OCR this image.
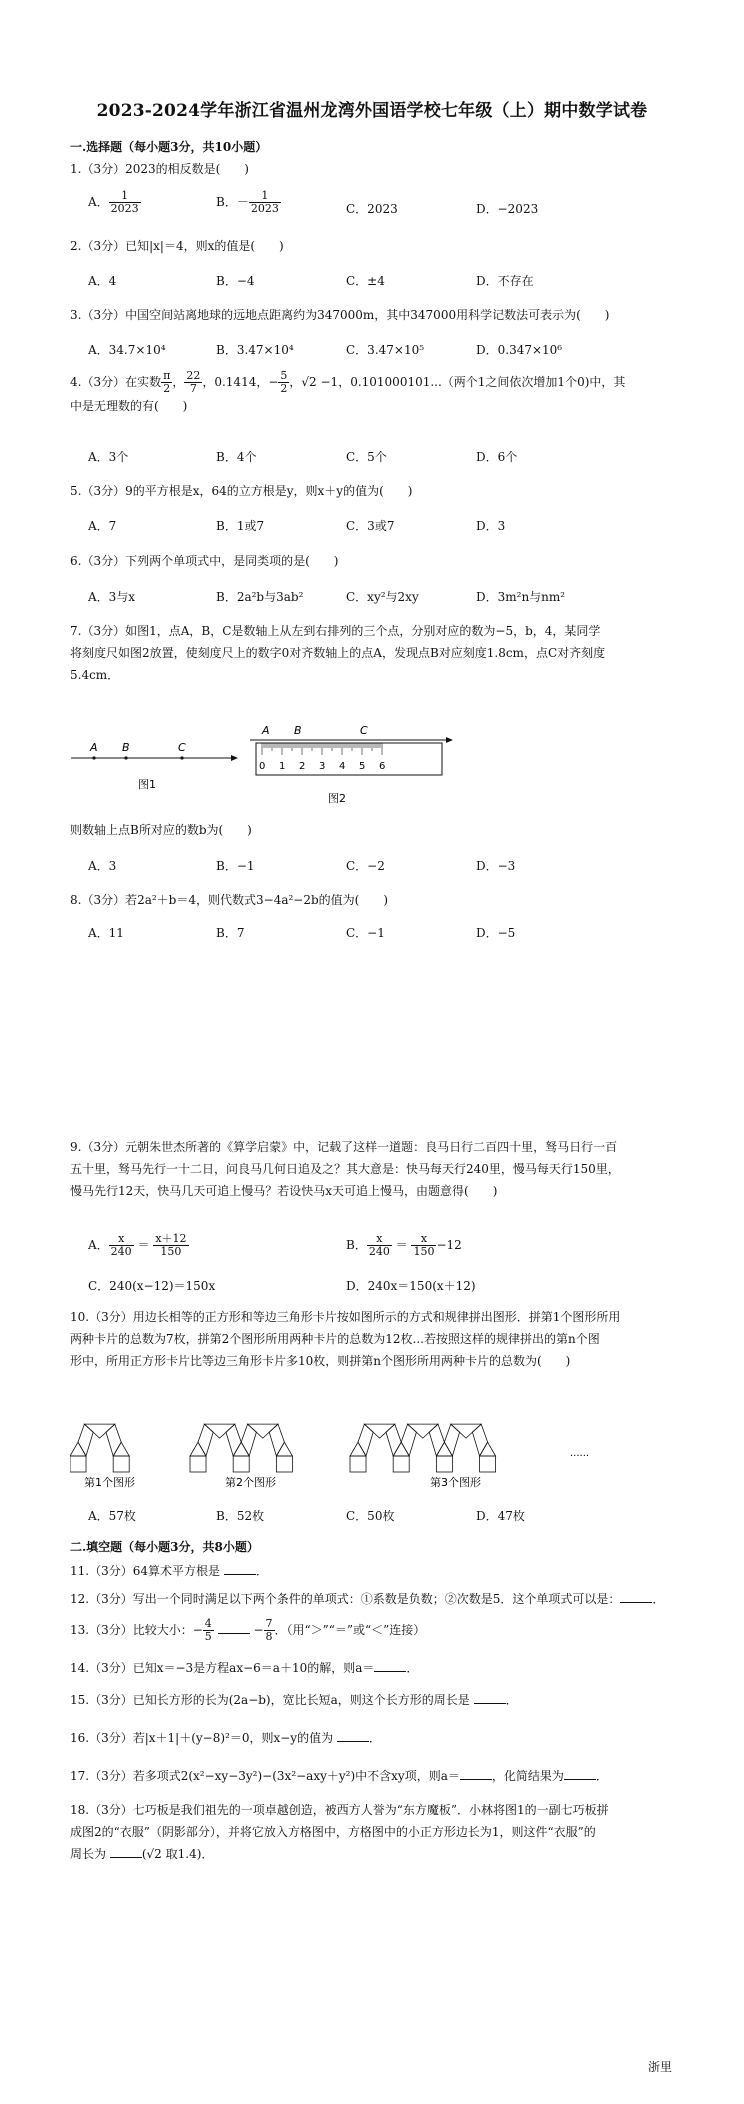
2023-2024学年浙江省温州龙湾外国语学校七年级（上）期中数学试卷
一.选择题（每小题3分，共10小题）
1.（3分）2023的相反数是(　　)
A． $\frac{1}{2023}$	B．－ $\frac{1}{2023}$	C．2023	D．−2023
2.（3分）已知|x|＝4，则x的值是(　　)
A．4	B．−4	C．±4	D．不存在
3.（3分）中国空间站离地球的远地点距离约为347000m，其中347000用科学记数法可表示为(　　)
A．34.7×10⁴	B．3.47×10⁴	C．3.47×10⁵	D．0.347×10⁶
4.（3分）在实数 $\frac{\pi}{2}$ ， $\frac{22}{7}$ ，0.1414，− $\frac{5}{2}$ ，√2 −1，0.101000101...（两个1之间依次增加1个0)中，其
中是无理数的有(　　)
A．3个	B．4个	C．5个	D．6个
5.（3分）9的平方根是x，64的立方根是y，则x＋y的值为(　　)
A．7	B．1或7	C．3或7	D．3
6.（3分）下列两个单项式中，是同类项的是(　　)
A．3与x	B．2a²b与3ab²	C．xy²与2xy	D．3m²n与nm²
7.（3分）如图1，点A，B，C是数轴上从左到右排列的三个点，分别对应的数为−5，b，4，某同学
将刻度尺如图2放置，使刻度尺上的数字0对齐数轴上的点A，发现点B对应刻度1.8cm，点C对齐刻度
5.4cm．
A B	C
图1
A B	C
0 1 2 3 4 5 6
图2
则数轴上点B所对应的数b为(　　)
A．3	B．−1	C．−2	D．−3
8.（3分）若2a²＋b＝4，则代数式3−4a²−2b的值为(　　)
A．11	B．7	C．−1	D．−5
9.（3分）元朝朱世杰所著的《算学启蒙》中，记载了这样一道题：良马日行二百四十里，驽马日行一百
五十里，驽马先行一十二日，问良马几何日追及之？其大意是：快马每天行240里，慢马每天行150里，
慢马先行12天，快马几天可追上慢马？若设快马x天可追上慢马，由题意得(　　)
A． $\frac{x}{240} = \frac{x+12}{150}$	B． $\frac{x}{240} = \frac{x}{150} -12$
C．240(x−12)＝150x	D．240x＝150(x＋12)
10.（3分）用边长相等的正方形和等边三角形卡片按如图所示的方式和规律拼出图形．拼第1个图形所用
两种卡片的总数为7枚，拼第2个图形所用两种卡片的总数为12枚...若按照这样的规律拼出的第n个图
形中，所用正方形卡片比等边三角形卡片多10枚，则拼第n个图形所用两种卡片的总数为(　　)
......
第1个图形	第2个图形	第3个图形
A．57枚	B．52枚	C．50枚	D．47枚
二.填空题（每小题3分，共8小题）
11.（3分）64算术平方根是	．
12.（3分）写出一个同时满足以下两个条件的单项式：①系数是负数；②次数是5．这个单项式可以是：	．
13.（3分）比较大小：− $\frac{4}{5}$	− $\frac{7}{8}$ ．（用“＞”“＝”或“＜”连接）
14.（3分）已知x＝−3是方程ax−6＝a＋10的解，则a＝	．
15.（3分）已知长方形的长为(2a−b)，宽比长短a，则这个长方形的周长是	．
16.（3分）若|x＋1|＋(y−8)²＝0，则x−y的值为	．
17.（3分）若多项式2(x²−xy−3y²)−(3x²−axy＋y²)中不含xy项，则a＝	，化简结果为	．
18.（3分）七巧板是我们祖先的一项卓越创造，被西方人誉为“东方魔板”．小林将图1的一副七巧板拼
成图2的“衣服”（阴影部分），并将它放入方格图中，方格图中的小正方形边长为1，则这件“衣服”的
周长为	(√2 取1.4)．
浙里
